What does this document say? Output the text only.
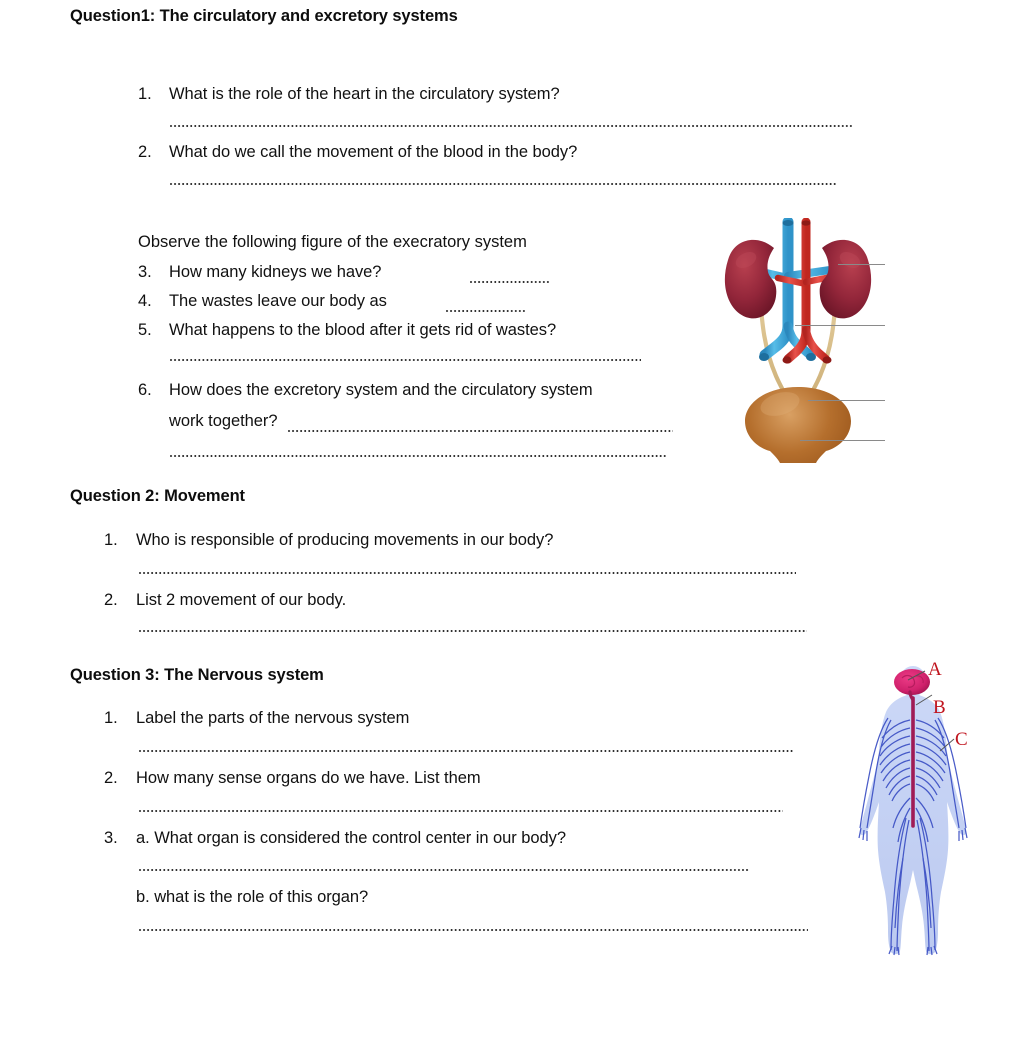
Question1: The circulatory and excretory systems
1. What is the role of the heart in the circulatory system?
2. What do we call the movement of the blood in the body?
Observe the following figure of the execratory system
3. How many kidneys we have?
4. The wastes leave our body as
5. What happens to the blood after it gets rid of wastes?
6. How does the excretory system and the circulatory system
work together?
Question 2: Movement
1. Who is responsible of producing movements in our body?
2. List 2 movement of our body.
Question 3: The Nervous system
1. Label the parts of the nervous system
2. How many sense organs do we have. List them
3. a. What organ is considered the control center in our body?
b. what is the role of this organ?
A
B
C
